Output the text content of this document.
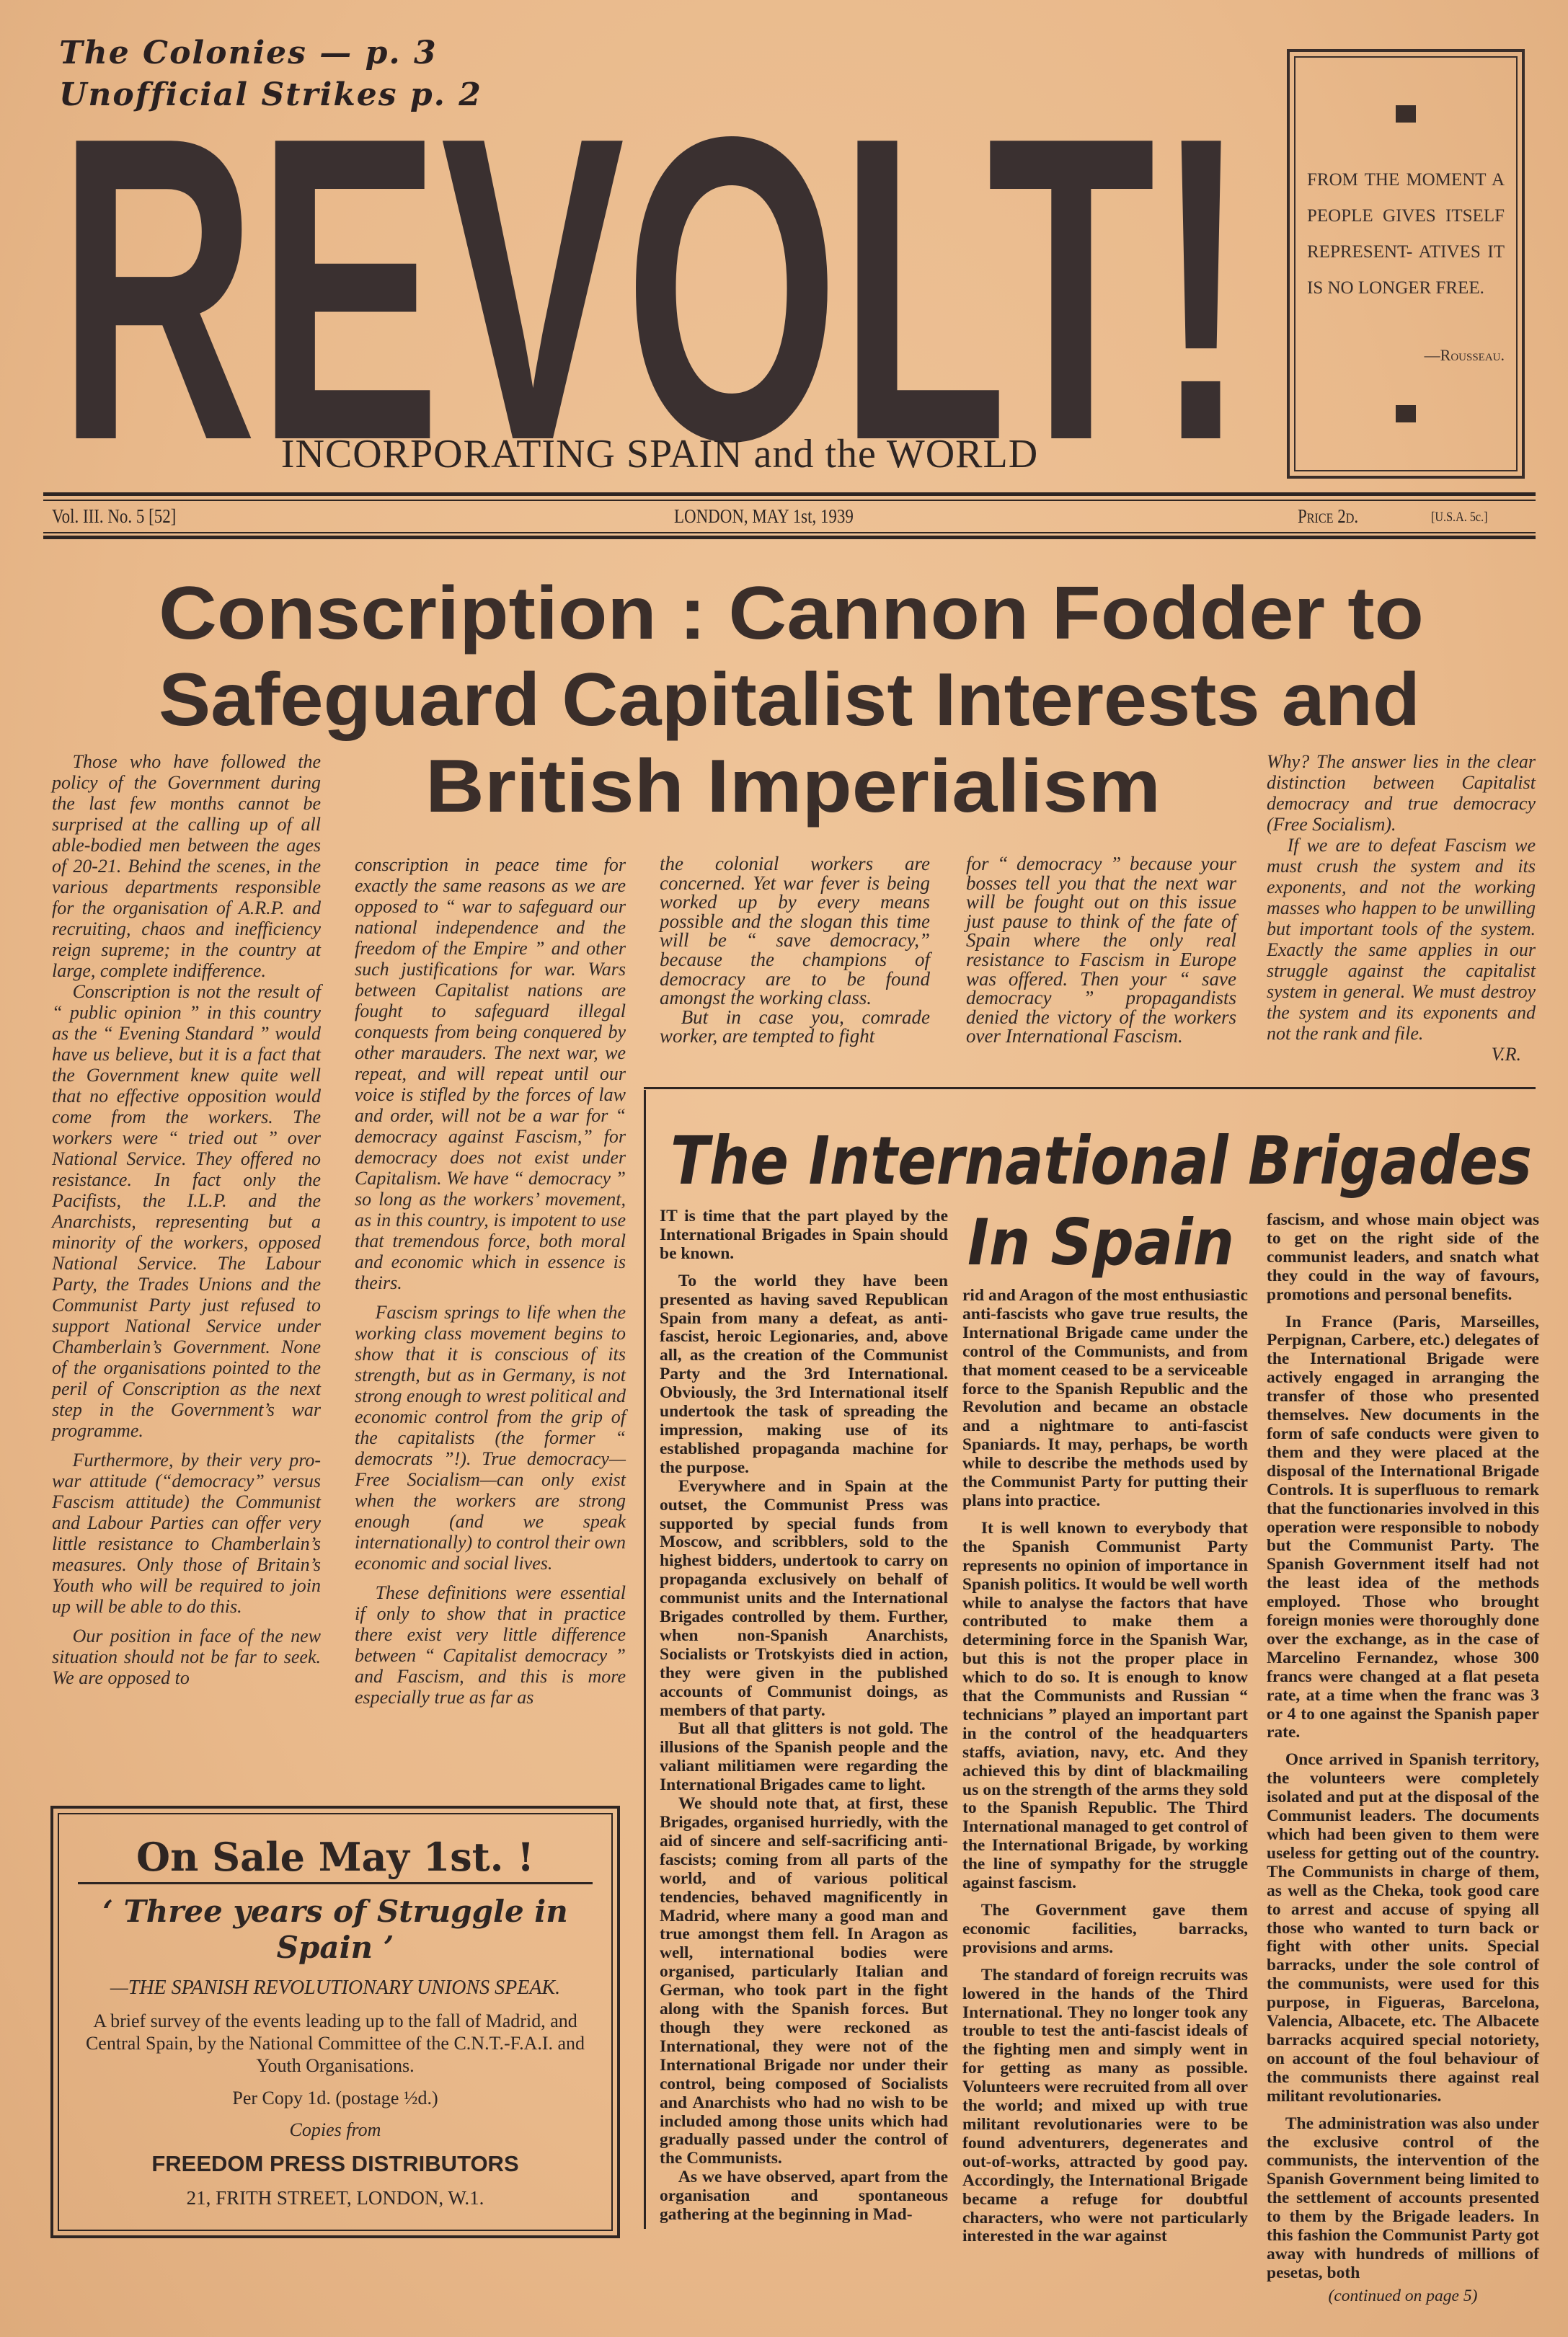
The Colonies — p. 3
Unofficial Strikes p. 2
REVOLT!
INCORPORATING SPAIN and the WORLD
FROM THE MOMENT A PEOPLE GIVES ITSELF REPRESENT- ATIVES IT IS NO LONGER FREE.
—Rousseau.
Vol. III. No. 5 [52]	LONDON, MAY 1st, 1939	Price 2d.	[U.S.A. 5c.]
Conscription : Cannon Fodder to
Safeguard Capitalist Interests and
British Imperialism

Those who have followed the policy of the Government during the last few months cannot be surprised at the calling up of all able-bodied men between the ages of 20-21. Behind the scenes, in the various departments responsible for the organisation of A.R.P. and recruiting, chaos and inefficiency reign supreme; in the country at large, complete indifference.

Conscription is not the result of “ public opinion ” in this country as the “ Evening Standard ” would have us believe, but it is a fact that the Government knew quite well that no effective opposition would come from the workers. The workers were “ tried out ” over National Service. They offered no resistance. In fact only the Pacifists, the I.L.P. and the Anarchists, representing but a minority of the workers, opposed National Service. The Labour Party, the Trades Unions and the Communist Party just refused to support National Service under Chamberlain’s Government. None of the organisations pointed to the peril of Conscription as the next step in the Government’s war programme.

Furthermore, by their very pro-war attitude (“democracy” versus Fascism attitude) the Communist and Labour Parties can offer very little resistance to Chamberlain’s measures. Only those of Britain’s Youth who will be required to join up will be able to do this.

Our position in face of the new situation should not be far to seek. We are opposed to

conscription in peace time for exactly the same reasons as we are opposed to “ war to safeguard our national independence and the freedom of the Empire ” and other such justifications for war. Wars between Capitalist nations are fought to safeguard illegal conquests from being conquered by other marauders. The next war, we repeat, and will repeat until our voice is stifled by the forces of law and order, will not be a war for “ democracy against Fascism,” for democracy does not exist under Capitalism. We have “ democracy ” so long as the workers’ movement, as in this country, is impotent to use that tremendous force, both moral and economic which in essence is theirs.

Fascism springs to life when the working class movement begins to show that it is conscious of its strength, but as in Germany, is not strong enough to wrest political and economic control from the grip of the capitalists (the former “ democrats ”!). True democracy— Free Socialism—can only exist when the workers are strong enough (and we speak internationally) to control their own economic and social lives.

These definitions were essential if only to show that in practice there exist very little difference between “ Capitalist democracy ” and Fascism, and this is more especially true as far as

the colonial workers are concerned. Yet war fever is being worked up by every means possible and the slogan this time will be “ save democracy,” because the champions of democracy are to be found amongst the working class.

But in case you, comrade worker, are tempted to fight

for “ democracy ” because your bosses tell you that the next war will be fought out on this issue just pause to think of the fate of Spain where the only real resistance to Fascism in Europe was offered. Then your “ save democracy ” propagandists denied the victory of the workers over International Fascism.

Why? The answer lies in the clear distinction between Capitalist democracy and true democracy (Free Socialism).

If we are to defeat Fascism we must crush the system and its exponents, and not the working masses who happen to be unwilling but important tools of the system. Exactly the same applies in our struggle against the capitalist system in general. We must destroy the system and its exponents and not the rank and file.

V.R.
The International Brigades
In Spain

IT is time that the part played by the International Brigades in Spain should be known.

To the world they have been presented as having saved Republican Spain from many a defeat, as anti-fascist, heroic Legionaries, and, above all, as the creation of the Communist Party and the 3rd International. Obviously, the 3rd International itself undertook the task of spreading the impression, making use of its established propaganda machine for the purpose.

Everywhere and in Spain at the outset, the Communist Press was supported by special funds from Moscow, and scribblers, sold to the highest bidders, undertook to carry on propaganda exclusively on behalf of communist units and the International Brigades controlled by them. Further, when non-Spanish Anarchists, Socialists or Trotskyists died in action, they were given in the published accounts of Communist doings, as members of that party.

But all that glitters is not gold. The illusions of the Spanish people and the valiant militiamen were regarding the International Brigades came to light.

We should note that, at first, these Brigades, organised hurriedly, with the aid of sincere and self-sacrificing anti-fascists; coming from all parts of the world, and of various political tendencies, behaved magnificently in Madrid, where many a good man and true amongst them fell. In Aragon as well, international bodies were organised, particularly Italian and German, who took part in the fight along with the Spanish forces. But though they were reckoned as International, they were not of the International Brigade nor under their control, being composed of Socialists and Anarchists who had no wish to be included among those units which had gradually passed under the control of the Communists.

As we have observed, apart from the organisation and spontaneous gathering at the beginning in Mad-

rid and Aragon of the most enthusiastic anti-fascists who gave true results, the International Brigade came under the control of the Communists, and from that moment ceased to be a serviceable force to the Spanish Republic and the Revolution and became an obstacle and a nightmare to anti-fascist Spaniards. It may, perhaps, be worth while to describe the methods used by the Communist Party for putting their plans into practice.

It is well known to everybody that the Spanish Communist Party represents no opinion of importance in Spanish politics. It would be well worth while to analyse the factors that have contributed to make them a determining force in the Spanish War, but this is not the proper place in which to do so. It is enough to know that the Communists and Russian “ technicians ” played an important part in the control of the headquarters staffs, aviation, navy, etc. And they achieved this by dint of blackmailing us on the strength of the arms they sold to the Spanish Republic. The Third International managed to get control of the International Brigade, by working the line of sympathy for the struggle against fascism.

The Government gave them economic facilities, barracks, provisions and arms.

The standard of foreign recruits was lowered in the hands of the Third International. They no longer took any trouble to test the anti-fascist ideals of the fighting men and simply went in for getting as many as possible. Volunteers were recruited from all over the world; and mixed up with true militant revolutionaries were to be found adventurers, degenerates and out-of-works, attracted by good pay. Accordingly, the International Brigade became a refuge for doubtful characters, who were not particularly interested in the war against

fascism, and whose main object was to get on the right side of the communist leaders, and snatch what they could in the way of favours, promotions and personal benefits.

In France (Paris, Marseilles, Perpignan, Carbere, etc.) delegates of the International Brigade were actively engaged in arranging the transfer of those who presented themselves. New documents in the form of safe conducts were given to them and they were placed at the disposal of the International Brigade Controls. It is superfluous to remark that the functionaries involved in this operation were responsible to nobody but the Communist Party. The Spanish Government itself had not the least idea of the methods employed. Those who brought foreign monies were thoroughly done over the exchange, as in the case of Marcelino Fernandez, whose 300 francs were changed at a flat peseta rate, at a time when the franc was 3 or 4 to one against the Spanish paper rate.

Once arrived in Spanish territory, the volunteers were completely isolated and put at the disposal of the Communist leaders. The documents which had been given to them were useless for getting out of the country. The Communists in charge of them, as well as the Cheka, took good care to arrest and accuse of spying all those who wanted to turn back or fight with other units. Special barracks, under the sole control of the communists, were used for this purpose, in Figueras, Barcelona, Valencia, Albacete, etc. The Albacete barracks acquired special notoriety, on account of the foul behaviour of the communists there against real militant revolutionaries.

The administration was also under the exclusive control of the communists, the intervention of the Spanish Government being limited to the settlement of accounts presented to them by the Brigade leaders. In this fashion the Communist Party got away with hundreds of millions of pesetas, both

(continued on page 5)
On Sale May 1st. !
‘ Three years of Struggle in Spain ’
—THE SPANISH REVOLUTIONARY UNIONS SPEAK.
A brief survey of the events leading up to the fall of Madrid, and Central Spain, by the National Committee of the C.N.T.-F.A.I. and Youth Organisations.
Per Copy 1d. (postage ½d.)
Copies from
FREEDOM PRESS DISTRIBUTORS
21, FRITH STREET, LONDON, W.1.
